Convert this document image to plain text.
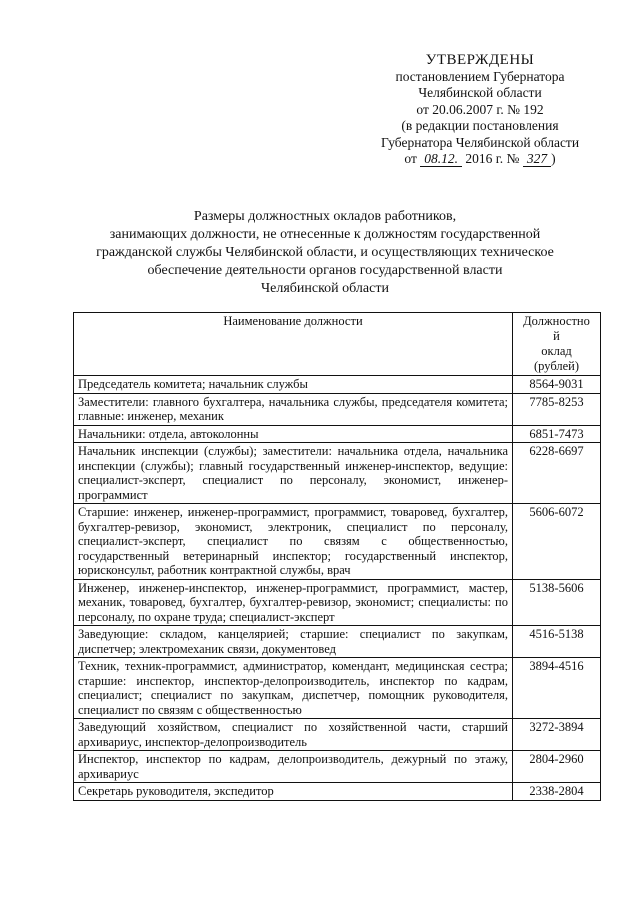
УТВЕРЖДЕНЫ
постановлением Губернатора
Челябинской области
от 20.06.2007 г. № 192
(в редакции постановления
Губернатора Челябинской области
от 08.12. 2016 г. № 327 )
Размеры должностных окладов работников,
занимающих должности, не отнесенные к должностям государственной
гражданской службы Челябинской области, и осуществляющих техническое
обеспечение деятельности органов государственной власти
Челябинской области
Наименование должности	Должностно
й
оклад
(рублей)

Председатель комитета; начальник службы	8564-9031
Заместители: главного бухгалтера, начальника службы, председателя комитета; главные: инженер, механик	7785-8253
Начальники: отдела, автоколонны	6851-7473
Начальник инспекции (службы); заместители: начальника отдела, начальника инспекции (службы); главный государственный инженер-инспектор, ведущие: специалист-эксперт, специалист по персоналу, экономист, инженер-программист	6228-6697
Старшие: инженер, инженер-программист, программист, товаровед, бухгалтер, бухгалтер-ревизор, экономист, электроник, специалист по персоналу, специалист-эксперт, специалист по связям с общественностью, государственный ветеринарный инспектор; государственный инспектор, юрисконсульт, работник контрактной службы, врач	5606-6072
Инженер, инженер-инспектор, инженер-программист, программист, мастер, механик, товаровед, бухгалтер, бухгалтер-ревизор, экономист; специалисты: по персоналу, по охране труда; специалист-эксперт	5138-5606
Заведующие: складом, канцелярией; старшие: специалист по закупкам, диспетчер; электромеханик связи, документовед	4516-5138
Техник, техник-программист, администратор, комендант, медицинская сестра; старшие: инспектор, инспектор-делопроизводитель, инспектор по кадрам, специалист; специалист по закупкам, диспетчер, помощник руководителя, специалист по связям с общественностью	3894-4516
Заведующий хозяйством, специалист по хозяйственной части, старший архивариус, инспектор-делопроизводитель	3272-3894
Инспектор, инспектор по кадрам, делопроизводитель, дежурный по этажу, архивариус	2804-2960
Секретарь руководителя, экспедитор	2338-2804
